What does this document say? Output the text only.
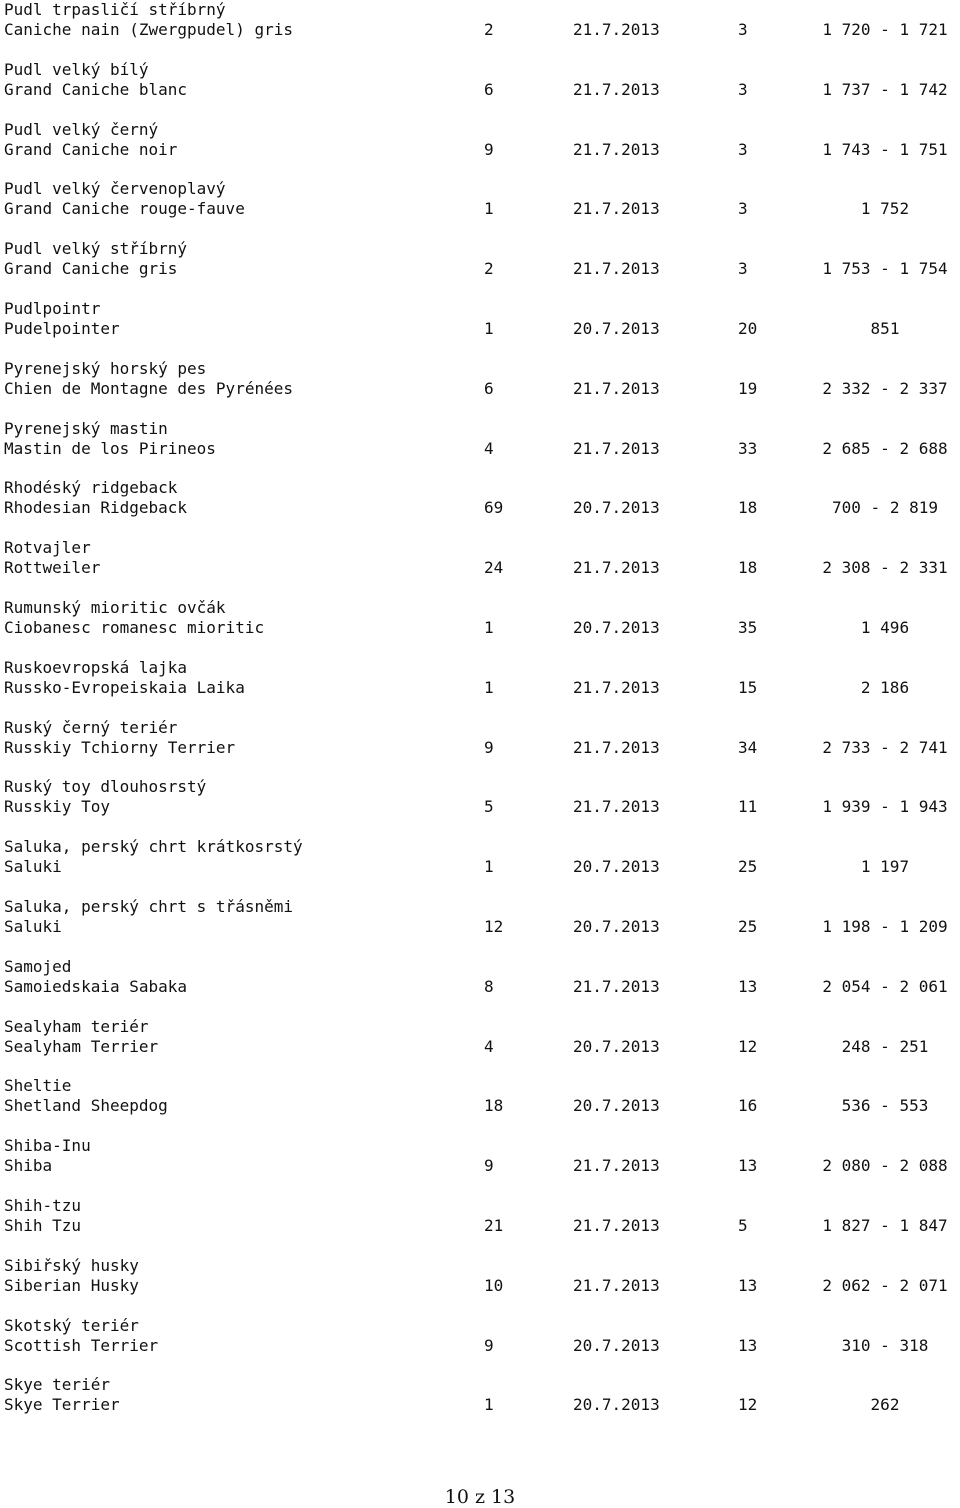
Pudl trpasličí stříbrný
Caniche nain (Zwergpudel) gris	2	21.7.2013	3	1 720 - 1 721
Pudl velký bílý
Grand Caniche blanc	6	21.7.2013	3	1 737 - 1 742
Pudl velký černý
Grand Caniche noir	9	21.7.2013	3	1 743 - 1 751
Pudl velký červenoplavý
Grand Caniche rouge-fauve	1	21.7.2013	3	1 752
Pudl velký stříbrný
Grand Caniche gris	2	21.7.2013	3	1 753 - 1 754
Pudlpointr
Pudelpointer	1	20.7.2013	20	851
Pyrenejský horský pes
Chien de Montagne des Pyrénées	6	21.7.2013	19	2 332 - 2 337
Pyrenejský mastin
Mastin de los Pirineos	4	21.7.2013	33	2 685 - 2 688
Rhodéský ridgeback
Rhodesian Ridgeback	69	20.7.2013	18	700 - 2 819
Rotvajler
Rottweiler	24	21.7.2013	18	2 308 - 2 331
Rumunský mioritic ovčák
Ciobanesc romanesc mioritic	1	20.7.2013	35	1 496
Ruskoevropská lajka
Russko-Evropeiskaia Laika	1	21.7.2013	15	2 186
Ruský černý teriér
Russkiy Tchiorny Terrier	9	21.7.2013	34	2 733 - 2 741
Ruský toy dlouhosrstý
Russkiy Toy	5	21.7.2013	11	1 939 - 1 943
Saluka, perský chrt krátkosrstý
Saluki	1	20.7.2013	25	1 197
Saluka, perský chrt s třásněmi
Saluki	12	20.7.2013	25	1 198 - 1 209
Samojed
Samoiedskaia Sabaka	8	21.7.2013	13	2 054 - 2 061
Sealyham teriér
Sealyham Terrier	4	20.7.2013	12	248 - 251
Sheltie
Shetland Sheepdog	18	20.7.2013	16	536 - 553
Shiba-Inu
Shiba	9	21.7.2013	13	2 080 - 2 088
Shih-tzu
Shih Tzu	21	21.7.2013	5	1 827 - 1 847
Sibiřský husky
Siberian Husky	10	21.7.2013	13	2 062 - 2 071
Skotský teriér
Scottish Terrier	9	20.7.2013	13	310 - 318
Skye teriér
Skye Terrier	1	20.7.2013	12	262
10 z 13
